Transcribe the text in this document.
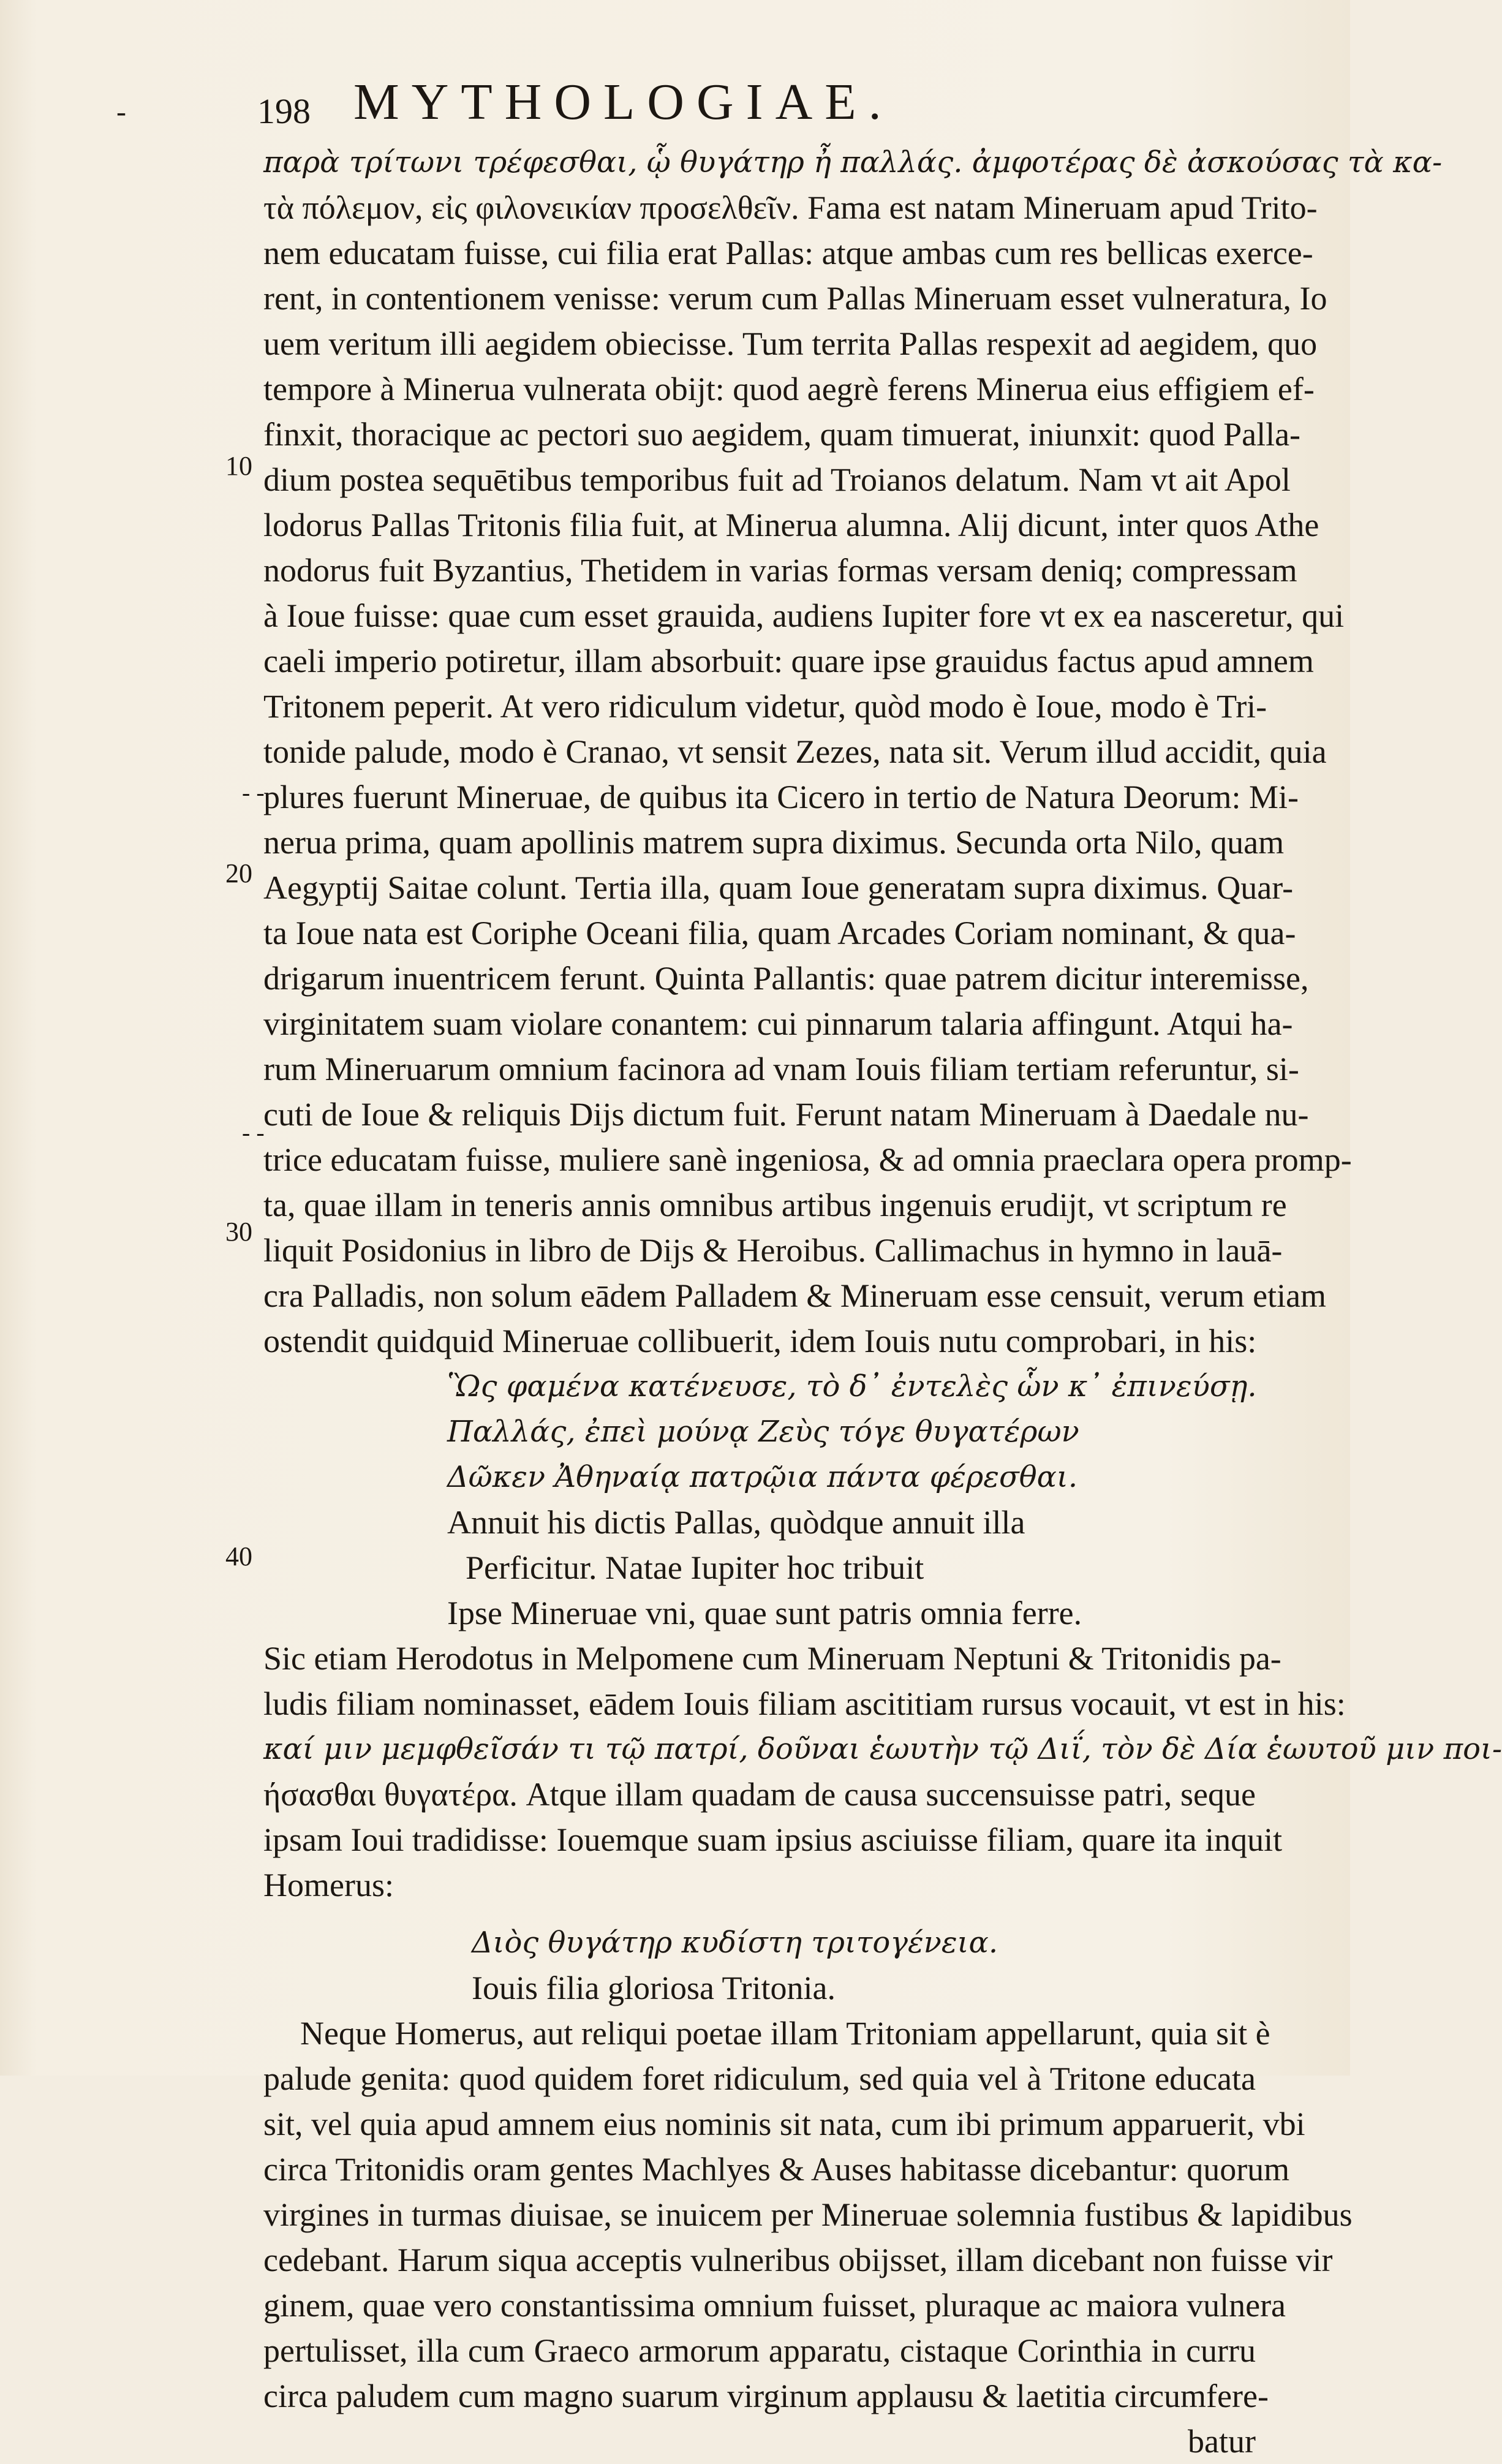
-	198 MYTHOLOGIAE.
10
- -
20
- -
30
40
παρὰ τρίτωνι τρέφεσθαι, ᾧ θυγάτηρ ἦ παλλάς. ἀμφοτέρας δὲ ἀσκούσας τὰ κα-
τὰ πόλεμον, εἰς φιλονεικίαν προσελθεῖν. Fama est natam Mineruam apud Trito-
nem educatam fuisse, cui filia erat Pallas: atque ambas cum res bellicas exerce-
rent, in contentionem venisse: verum cum Pallas Mineruam esset vulneratura, Io
uem veritum illi aegidem obiecisse. Tum territa Pallas respexit ad aegidem, quo
tempore à Minerua vulnerata obijt: quod aegrè ferens Minerua eius effigiem ef-
finxit, thoracique ac pectori suo aegidem, quam timuerat, iniunxit: quod Palla-
dium postea sequētibus temporibus fuit ad Troianos delatum. Nam vt ait Apol
lodorus Pallas Tritonis filia fuit, at Minerua alumna. Alij dicunt, inter quos Athe
nodorus fuit Byzantius, Thetidem in varias formas versam deniq; compressam
à Ioue fuisse: quae cum esset grauida, audiens Iupiter fore vt ex ea nasceretur, qui
caeli imperio potiretur, illam absorbuit: quare ipse grauidus factus apud amnem
Tritonem peperit. At vero ridiculum videtur, quòd modo è Ioue, modo è Tri-
tonide palude, modo è Cranao, vt sensit Zezes, nata sit. Verum illud accidit, quia
plures fuerunt Mineruae, de quibus ita Cicero in tertio de Natura Deorum: Mi-
nerua prima, quam apollinis matrem supra diximus. Secunda orta Nilo, quam
Aegyptij Saitae colunt. Tertia illa, quam Ioue generatam supra diximus. Quar-
ta Ioue nata est Coriphe Oceani filia, quam Arcades Coriam nominant, & qua-
drigarum inuentricem ferunt. Quinta Pallantis: quae patrem dicitur interemisse,
virginitatem suam violare conantem: cui pinnarum talaria affingunt. Atqui ha-
rum Mineruarum omnium facinora ad vnam Iouis filiam tertiam referuntur, si-
cuti de Ioue & reliquis Dijs dictum fuit. Ferunt natam Mineruam à Daedale nu-
trice educatam fuisse, muliere sanè ingeniosa, & ad omnia praeclara opera promp-
ta, quae illam in teneris annis omnibus artibus ingenuis erudijt, vt scriptum re
liquit Posidonius in libro de Dijs & Heroibus. Callimachus in hymno in lauā-
cra Palladis, non solum eādem Palladem & Mineruam esse censuit, verum etiam
ostendit quidquid Mineruae collibuerit, idem Iouis nutu comprobari, in his:
Ὣς φαμένα κατένευσε, τὸ δ᾽ ἐντελὲς ὧν κ᾽ ἐπινεύσῃ.
Παλλάς, ἐπεὶ μούνᾳ Ζεὺς τόγε θυγατέρων
Δῶκεν Ἀθηναίᾳ πατρῷια πάντα φέρεσθαι.
Annuit his dictis Pallas, quòdque annuit illa
Perficitur. Natae Iupiter hoc tribuit
Ipse Mineruae vni, quae sunt patris omnia ferre.
Sic etiam Herodotus in Melpomene cum Mineruam Neptuni & Tritonidis pa-
ludis filiam nominasset, eādem Iouis filiam ascititiam rursus vocauit, vt est in his:
καί μιν μεμφθεῖσάν τι τῷ πατρί, δοῦναι ἑωυτὴν τῷ Διΐ, τὸν δὲ Δία ἑωυτοῦ μιν ποι-
ήσασθαι θυγατέρα. Atque illam quadam de causa succensuisse patri, seque
ipsam Ioui tradidisse: Iouemque suam ipsius asciuisse filiam, quare ita inquit
Homerus:
Διὸς θυγάτηρ κυδίστη τριτογένεια.
Iouis filia gloriosa Tritonia.
Neque Homerus, aut reliqui poetae illam Tritoniam appellarunt, quia sit è
palude genita: quod quidem foret ridiculum, sed quia vel à Tritone educata
sit, vel quia apud amnem eius nominis sit nata, cum ibi primum apparuerit, vbi
circa Tritonidis oram gentes Machlyes & Auses habitasse dicebantur: quorum
virgines in turmas diuisae, se inuicem per Mineruae solemnia fustibus & lapidibus
cedebant. Harum siqua acceptis vulneribus obijsset, illam dicebant non fuisse vir
ginem, quae vero constantissima omnium fuisset, pluraque ac maiora vulnera
pertulisset, illa cum Graeco armorum apparatu, cistaque Corinthia in curru
circa paludem cum magno suarum virginum applausu & laetitia circumfere-
batur
